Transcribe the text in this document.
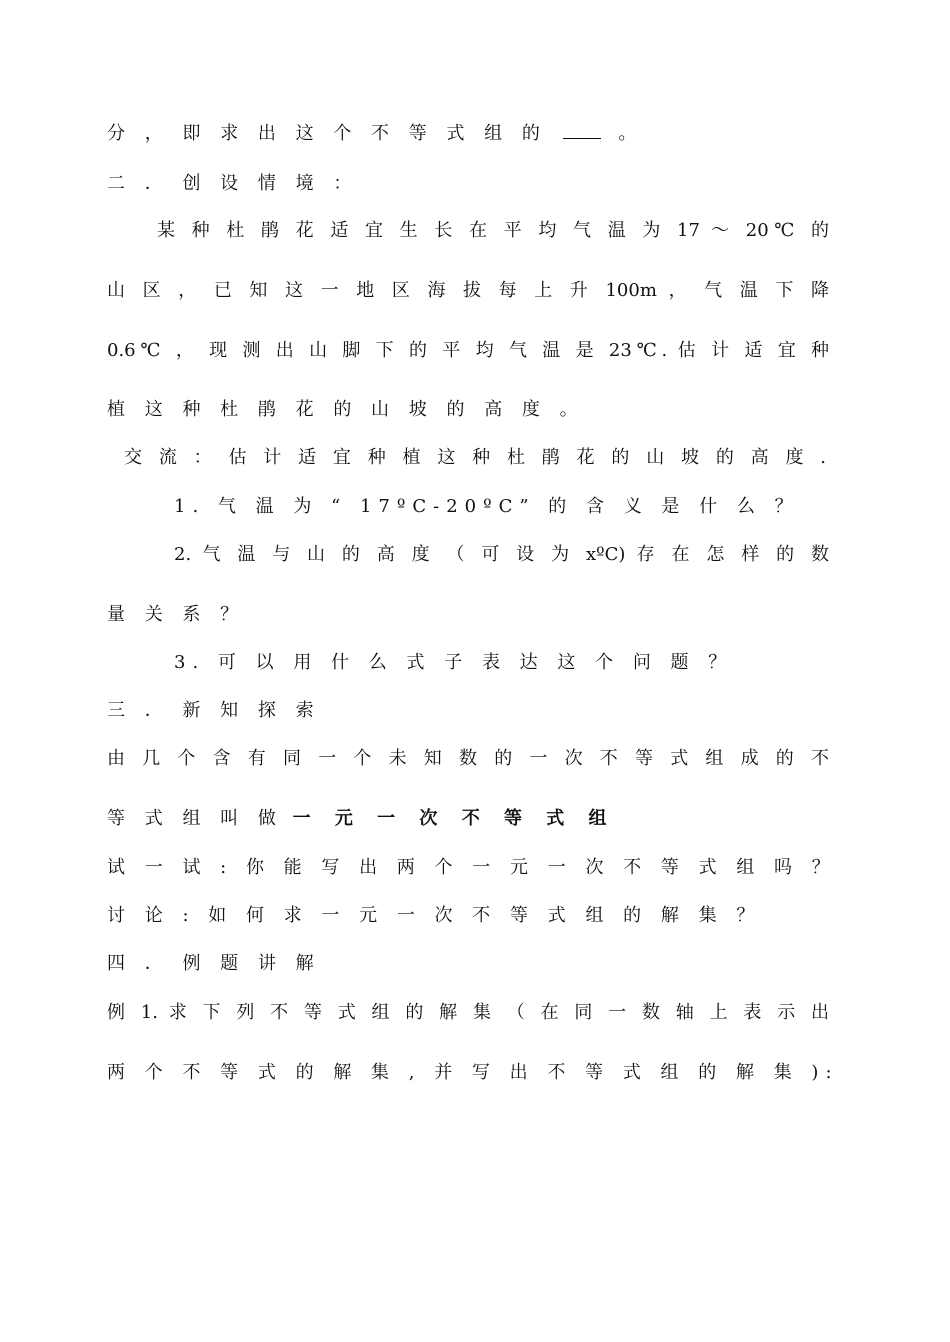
分 ， 即 求 出 这 个 不 等 式 组 的	。
二 ． 创 设 情 境 ：
某 种 杜 鹃 花 适 宜 生 长 在 平 均 气 温 为 17 ～ 20℃ 的
山 区 ， 已 知 这 一 地 区 海 拔 每 上 升 100m ， 气 温 下 降
0.6℃ ， 现 测 出 山 脚 下 的 平 均 气 温 是 23℃. 估 计 适 宜 种
植 这 种 杜 鹃 花 的 山 坡 的 高 度 。
交 流 ： 估 计 适 宜 种 植 这 种 杜 鹃 花 的 山 坡 的 高 度 .
1. 气 温 为 “ 17ºC-20ºC” 的 含 义 是 什 么 ？
2. 气 温 与 山 的 高 度 （ 可 设 为 xºC) 存 在 怎 样 的 数
量 关 系 ？
3. 可 以 用 什 么 式 子 表 达 这 个 问 题 ？
三 ． 新 知 探 索
由 几 个 含 有 同 一 个 未 知 数 的 一 次 不 等 式 组 成 的 不
等 式 组 叫 做 一 元 一 次 不 等 式 组
试 一 试 : 你 能 写 出 两 个 一 元 一 次 不 等 式 组 吗 ？
讨 论 : 如 何 求 一 元 一 次 不 等 式 组 的 解 集 ？
四 ． 例 题 讲 解
例 1. 求 下 列 不 等 式 组 的 解 集 （ 在 同 一 数 轴 上 表 示 出
两 个 不 等 式 的 解 集 , 并 写 出 不 等 式 组 的 解 集 ):
